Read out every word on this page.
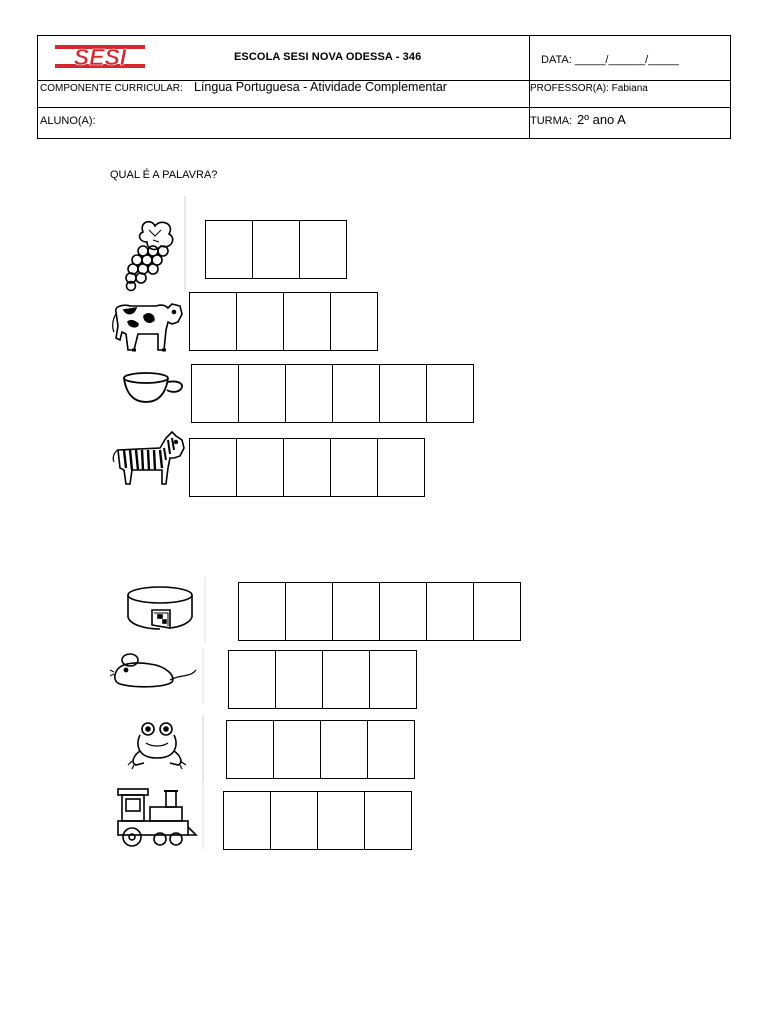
SESI	ESCOLA SESI NOVA ODESSA - 346	DATA: _____/______/_____
COMPONENTE CURRICULAR: Língua Portuguesa - Atividade Complementar	PROFESSOR(A): Fabiana
ALUNO(A):	TURMA: 2º ano A
QUAL É A PALAVRA?
